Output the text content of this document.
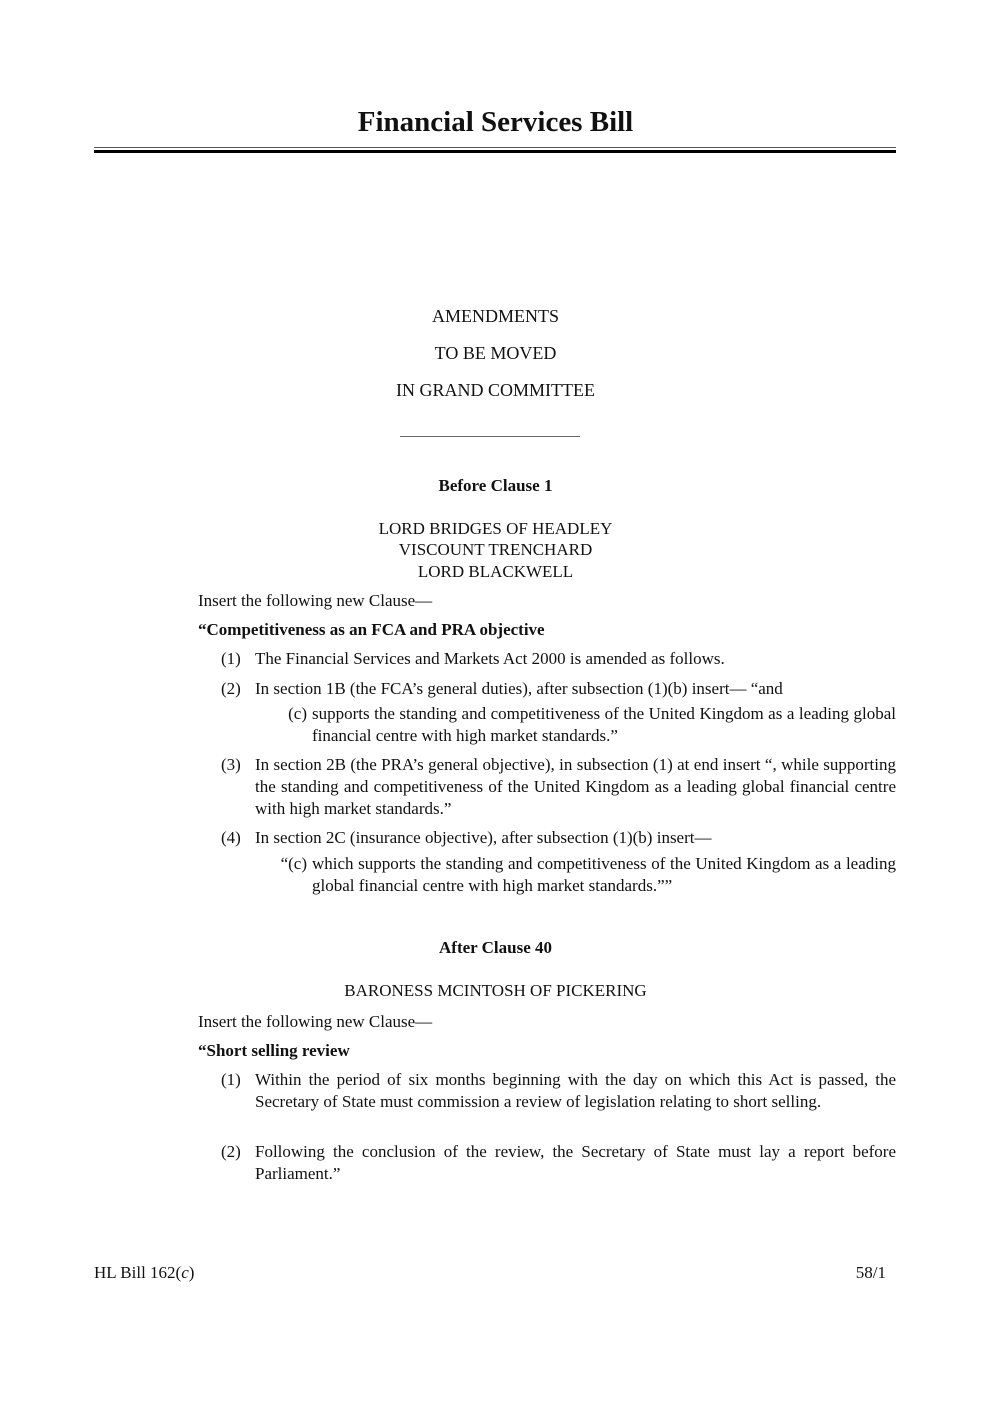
Financial Services Bill
AMENDMENTS
TO BE MOVED
IN GRAND COMMITTEE
Before Clause 1
LORD BRIDGES OF HEADLEY
VISCOUNT TRENCHARD
LORD BLACKWELL
Insert the following new Clause—
“Competitiveness as an FCA and PRA objective
(1) The Financial Services and Markets Act 2000 is amended as follows.
(2) In section 1B (the FCA’s general duties), after subsection (1)(b) insert— “and
(c) supports the standing and competitiveness of the United Kingdom as a leading global financial centre with high market standards.”
(3) In section 2B (the PRA’s general objective), in subsection (1) at end insert “, while supporting the standing and competitiveness of the United Kingdom as a leading global financial centre with high market standards.”
(4) In section 2C (insurance objective), after subsection (1)(b) insert—
“(c) which supports the standing and competitiveness of the United Kingdom as a leading global financial centre with high market standards.””
After Clause 40
BARONESS MCINTOSH OF PICKERING
Insert the following new Clause—
“Short selling review
(1) Within the period of six months beginning with the day on which this Act is passed, the Secretary of State must commission a review of legislation relating to short selling.
(2) Following the conclusion of the review, the Secretary of State must lay a report before Parliament.”
HL Bill 162(c)	58/1
